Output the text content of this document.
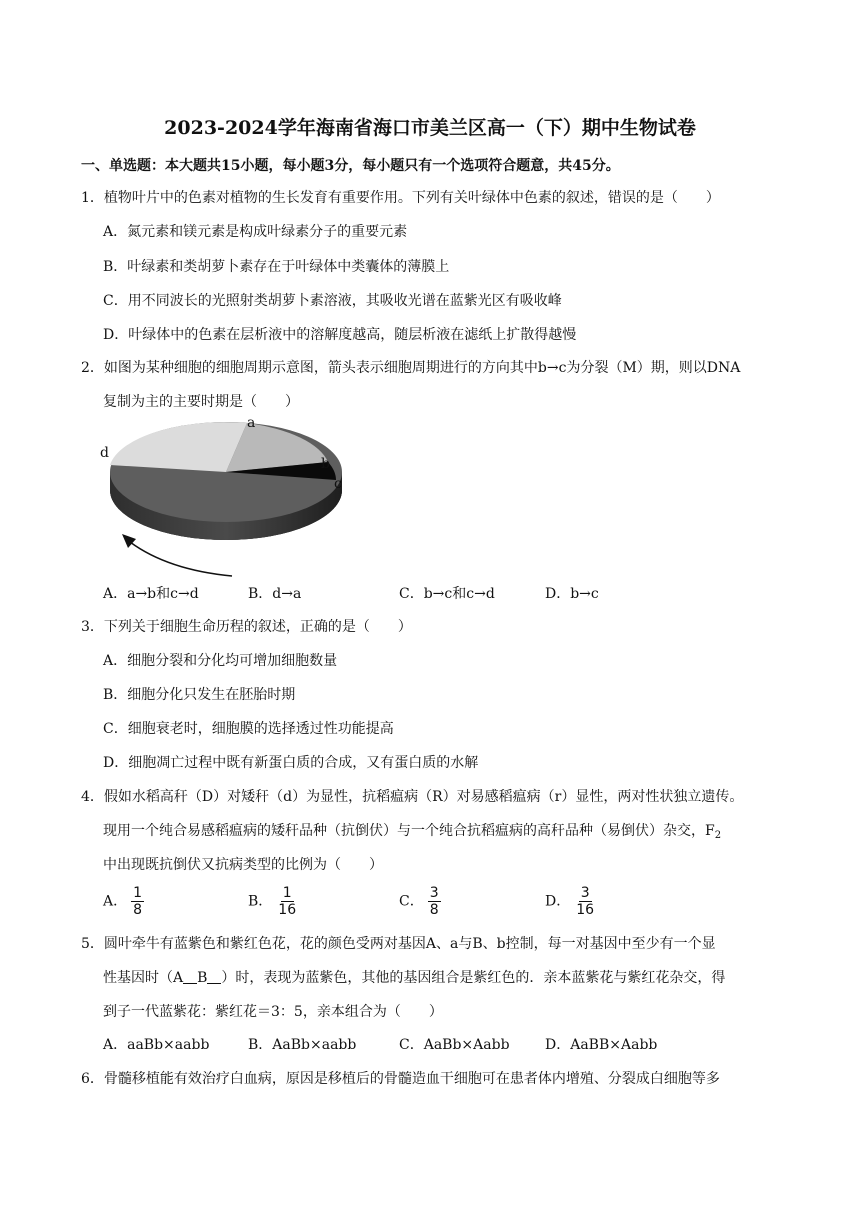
2023-2024学年海南省海口市美兰区高一（下）期中生物试卷
一、单选题：本大题共15小题，每小题3分，每小题只有一个选项符合题意，共45分。
1．植物叶片中的色素对植物的生长发育有重要作用。下列有关叶绿体中色素的叙述，错误的是（　　）
A．氮元素和镁元素是构成叶绿素分子的重要元素
B．叶绿素和类胡萝卜素存在于叶绿体中类囊体的薄膜上
C．用不同波长的光照射类胡萝卜素溶液，其吸收光谱在蓝紫光区有吸收峰
D．叶绿体中的色素在层析液中的溶解度越高，随层析液在滤纸上扩散得越慢
2．如图为某种细胞的细胞周期示意图，箭头表示细胞周期进行的方向其中b→c为分裂（M）期，则以DNA
复制为主的主要时期是（　　）
a
b
c
d
A．a→b和c→d	B．d→a	C．b→c和c→d	D．b→c
3．下列关于细胞生命历程的叙述，正确的是（　　）
A．细胞分裂和分化均可增加细胞数量
B．细胞分化只发生在胚胎时期
C．细胞衰老时，细胞膜的选择透过性功能提高
D．细胞凋亡过程中既有新蛋白质的合成，又有蛋白质的水解
4．假如水稻高秆（D）对矮秆（d）为显性，抗稻瘟病（R）对易感稻瘟病（r）显性，两对性状独立遗传。
现用一个纯合易感稻瘟病的矮秆品种（抗倒伏）与一个纯合抗稻瘟病的高秆品种（易倒伏）杂交，$F_2$
中出现既抗倒伏又抗病类型的比例为（　　）
A． $\frac{1}{8}$	B． $\frac{1}{16}$	C． $\frac{3}{8}$	D． $\frac{3}{16}$
5．圆叶牵牛有蓝紫色和紫红色花，花的颜色受两对基因A、a与B、b控制，每一对基因中至少有一个显
性基因时（A B ）时，表现为蓝紫色，其他的基因组合是紫红色的．亲本蓝紫花与紫红花杂交，得
到子一代蓝紫花：紫红花＝3：5，亲本组合为（　　）
A．aaBb×aabb	B．AaBb×aabb	C．AaBb×Aabb	D．AaBB×Aabb
6．骨髓移植能有效治疗白血病，原因是移植后的骨髓造血干细胞可在患者体内增殖、分裂成白细胞等多
